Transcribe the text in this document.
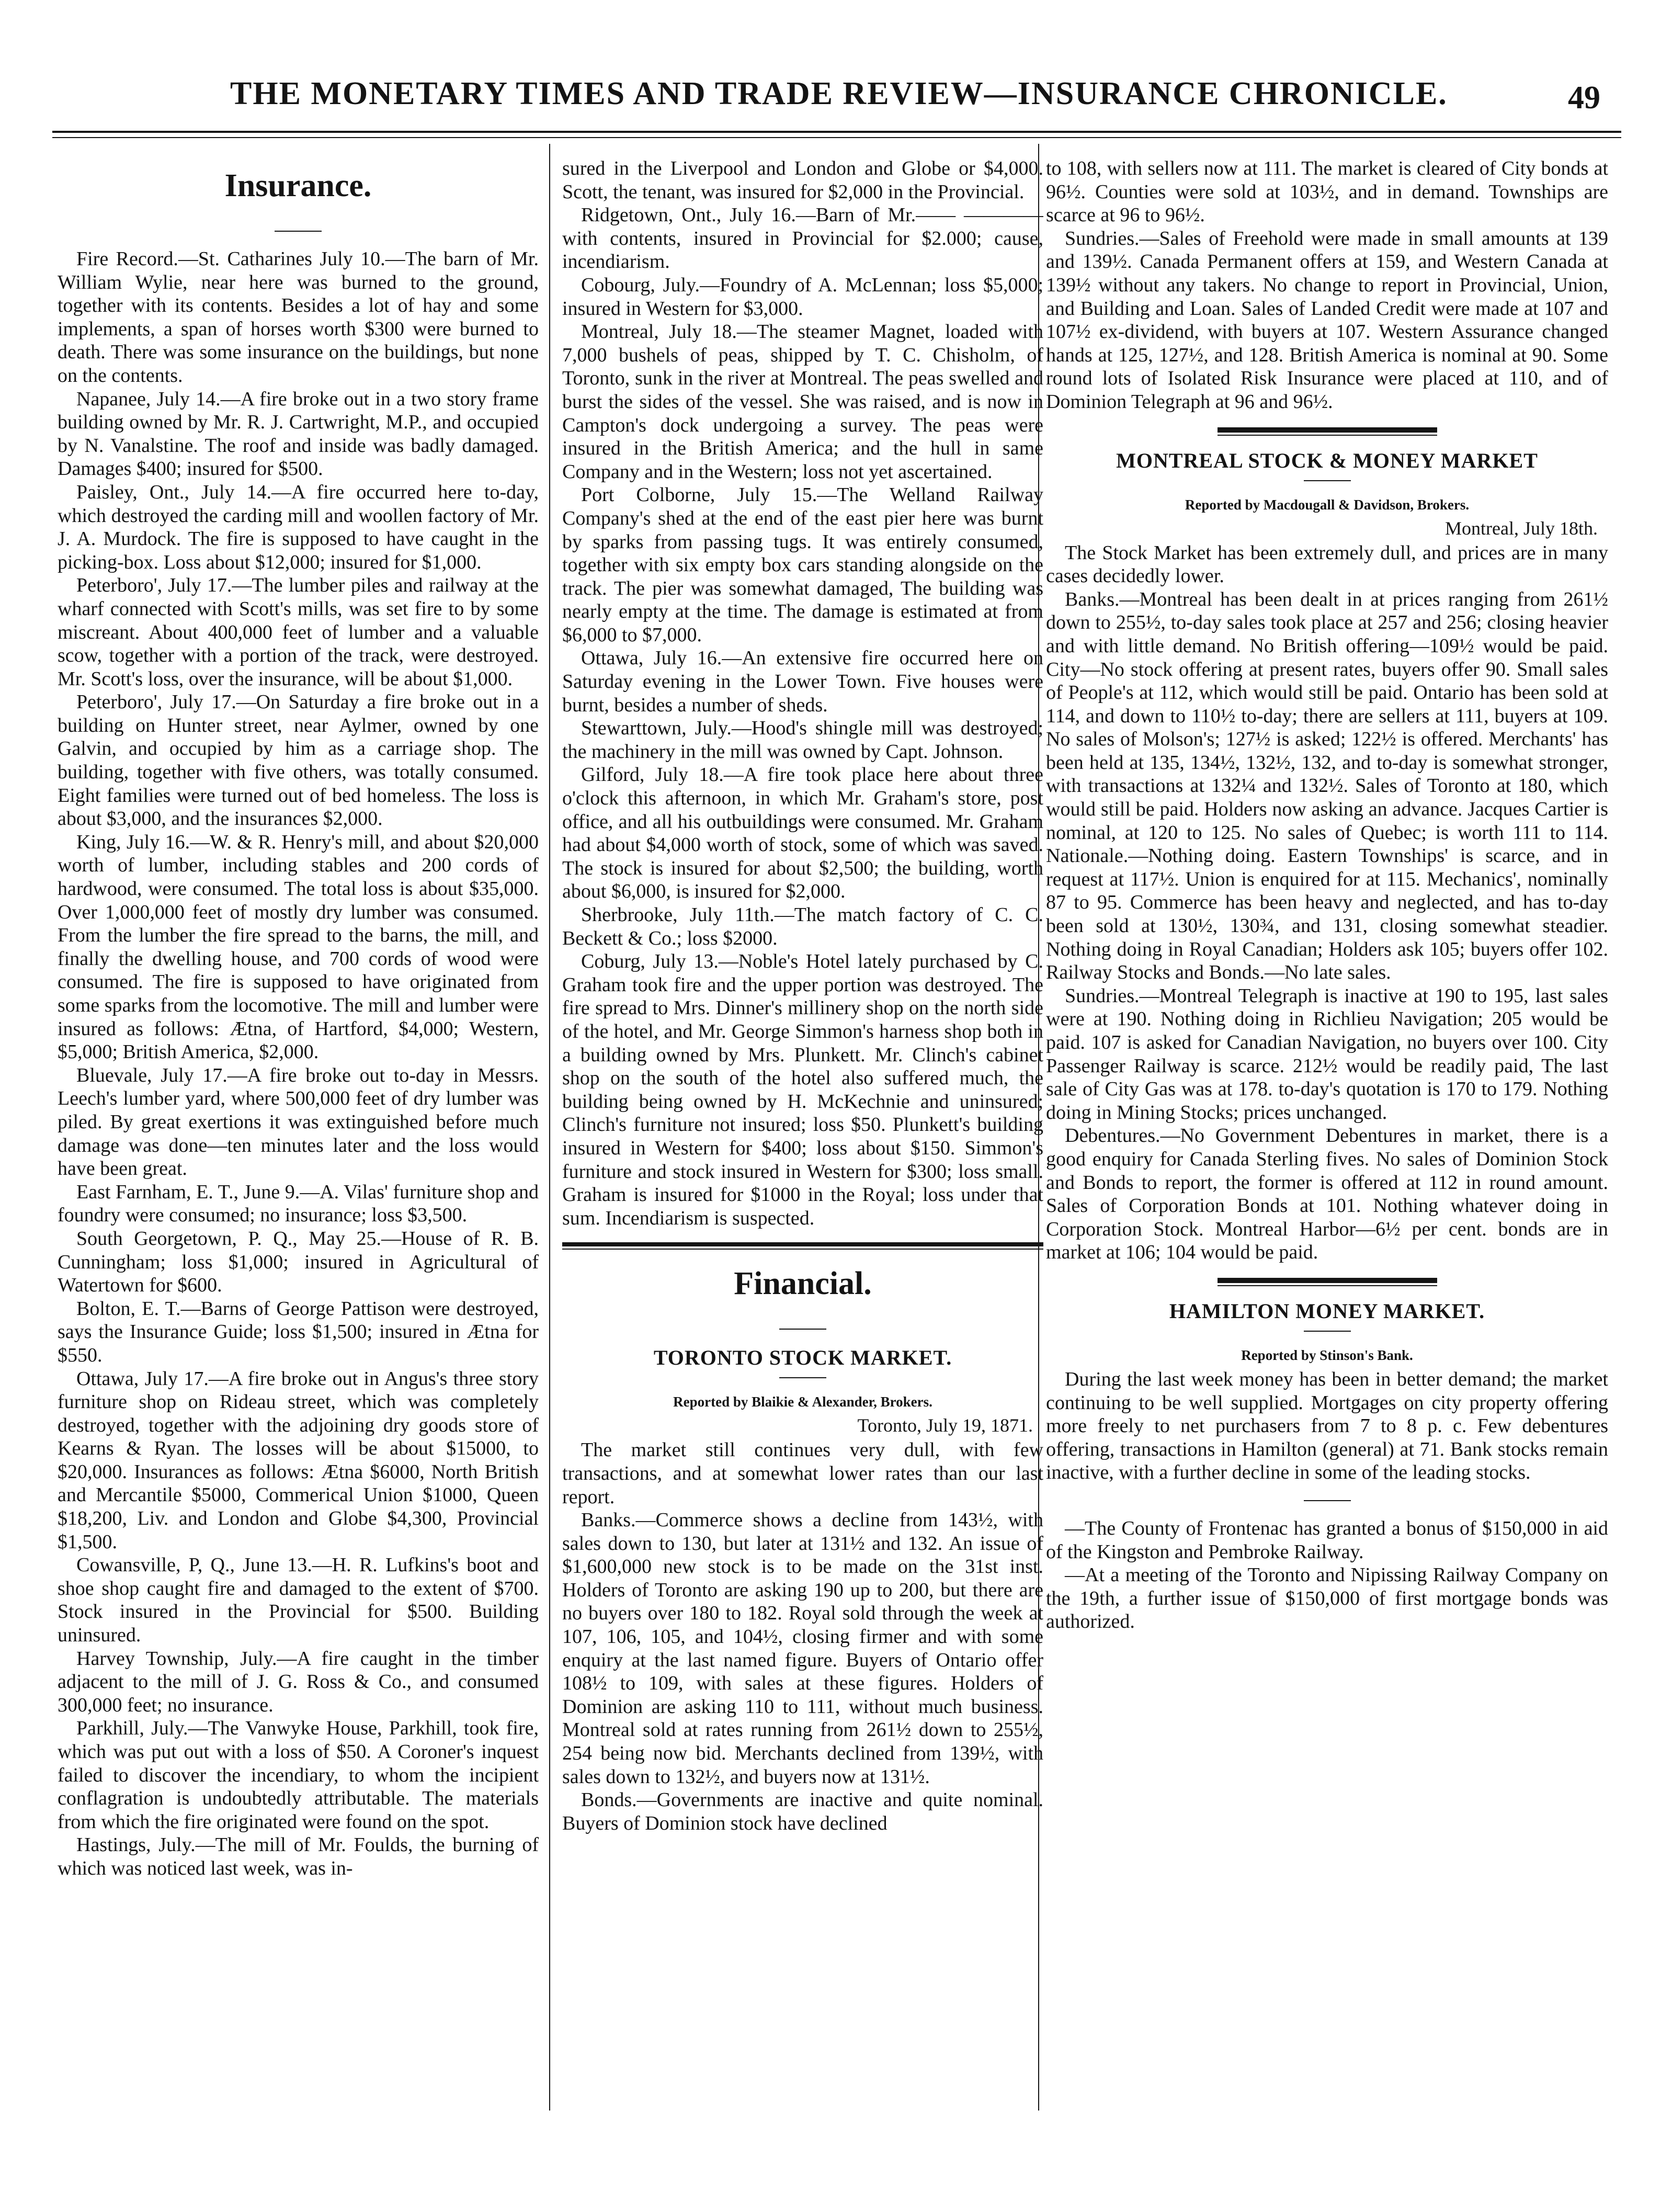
THE MONETARY TIMES AND TRADE REVIEW—INSURANCE CHRONICLE.	49
Insurance.

Fire Record.—St. Catharines July 10.—The barn of Mr. William Wylie, near here was burned to the ground, together with its contents. Besides a lot of hay and some implements, a span of horses worth $300 were burned to death. There was some insurance on the buildings, but none on the contents.

Napanee, July 14.—A fire broke out in a two story frame building owned by Mr. R. J. Cartwright, M.P., and occupied by N. Vanalstine. The roof and inside was badly damaged. Damages $400; insured for $500.

Paisley, Ont., July 14.—A fire occurred here to-day, which destroyed the carding mill and woollen factory of Mr. J. A. Murdock. The fire is supposed to have caught in the picking-box. Loss about $12,000; insured for $1,000.

Peterboro', July 17.—The lumber piles and railway at the wharf connected with Scott's mills, was set fire to by some miscreant. About 400,000 feet of lumber and a valuable scow, together with a portion of the track, were destroyed. Mr. Scott's loss, over the insurance, will be about $1,000.

Peterboro', July 17.—On Saturday a fire broke out in a building on Hunter street, near Aylmer, owned by one Galvin, and occupied by him as a carriage shop. The building, together with five others, was totally consumed. Eight families were turned out of bed homeless. The loss is about $3,000, and the insurances $2,000.

King, July 16.—W. & R. Henry's mill, and about $20,000 worth of lumber, including stables and 200 cords of hardwood, were consumed. The total loss is about $35,000. Over 1,000,000 feet of mostly dry lumber was consumed. From the lumber the fire spread to the barns, the mill, and finally the dwelling house, and 700 cords of wood were consumed. The fire is supposed to have originated from some sparks from the locomotive. The mill and lumber were insured as follows: Ætna, of Hartford, $4,000; Western, $5,000; British America, $2,000.

Bluevale, July 17.—A fire broke out to-day in Messrs. Leech's lumber yard, where 500,000 feet of dry lumber was piled. By great exertions it was extinguished before much damage was done—ten minutes later and the loss would have been great.

East Farnham, E. T., June 9.—A. Vilas' furniture shop and foundry were consumed; no insurance; loss $3,500.

South Georgetown, P. Q., May 25.—House of R. B. Cunningham; loss $1,000; insured in Agricultural of Watertown for $600.

Bolton, E. T.—Barns of George Pattison were destroyed, says the Insurance Guide; loss $1,500; insured in Ætna for $550.

Ottawa, July 17.—A fire broke out in Angus's three story furniture shop on Rideau street, which was completely destroyed, together with the adjoining dry goods store of Kearns & Ryan. The losses will be about $15000, to $20,000. Insurances as follows: Ætna $6000, North British and Mercantile $5000, Commerical Union $1000, Queen $18,200, Liv. and London and Globe $4,300, Provincial $1,500.

Cowansville, P, Q., June 13.—H. R. Lufkins's boot and shoe shop caught fire and damaged to the extent of $700. Stock insured in the Provincial for $500. Building uninsured.

Harvey Township, July.—A fire caught in the timber adjacent to the mill of J. G. Ross & Co., and consumed 300,000 feet; no insurance.

Parkhill, July.—The Vanwyke House, Parkhill, took fire, which was put out with a loss of $50. A Coroner's inquest failed to discover the incendiary, to whom the incipient conflagration is undoubtedly attributable. The materials from which the fire originated were found on the spot.

Hastings, July.—The mill of Mr. Foulds, the burning of which was noticed last week, was in-

sured in the Liverpool and London and Globe or $4,000. Scott, the tenant, was insured for $2,000 in the Provincial.

Ridgetown, Ont., July 16.—Barn of Mr.—— ————with contents, insured in Provincial for $2.000; cause, incendiarism.

Cobourg, July.—Foundry of A. McLennan; loss $5,000; insured in Western for $3,000.

Montreal, July 18.—The steamer Magnet, loaded with 7,000 bushels of peas, shipped by T. C. Chisholm, of Toronto, sunk in the river at Montreal. The peas swelled and burst the sides of the vessel. She was raised, and is now in Campton's dock undergoing a survey. The peas were insured in the British America; and the hull in same Company and in the Western; loss not yet ascertained.

Port Colborne, July 15.—The Welland Railway Company's shed at the end of the east pier here was burnt by sparks from passing tugs. It was entirely consumed, together with six empty box cars standing alongside on the track. The pier was somewhat damaged, The building was nearly empty at the time. The damage is estimated at from $6,000 to $7,000.

Ottawa, July 16.—An extensive fire occurred here on Saturday evening in the Lower Town. Five houses were burnt, besides a number of sheds.

Stewarttown, July.—Hood's shingle mill was destroyed; the machinery in the mill was owned by Capt. Johnson.

Gilford, July 18.—A fire took place here about three o'clock this afternoon, in which Mr. Graham's store, post office, and all his outbuildings were consumed. Mr. Graham had about $4,000 worth of stock, some of which was saved. The stock is insured for about $2,500; the building, worth about $6,000, is insured for $2,000.

Sherbrooke, July 11th.—The match factory of C. C. Beckett & Co.; loss $2000.

Coburg, July 13.—Noble's Hotel lately purchased by C. Graham took fire and the upper portion was destroyed. The fire spread to Mrs. Dinner's millinery shop on the north side of the hotel, and Mr. George Simmon's harness shop both in a building owned by Mrs. Plunkett. Mr. Clinch's cabinet shop on the south of the hotel also suffered much, the building being owned by H. McKechnie and uninsured; Clinch's furniture not insured; loss $50. Plunkett's building insured in Western for $400; loss about $150. Simmon's furniture and stock insured in Western for $300; loss small. Graham is insured for $1000 in the Royal; loss under that sum. Incendiarism is suspected.

Financial.
TORONTO STOCK MARKET.
Reported by Blaikie & Alexander, Brokers.
Toronto, July 19, 1871.

The market still continues very dull, with few transactions, and at somewhat lower rates than our last report.

Banks.—Commerce shows a decline from 143½, with sales down to 130, but later at 131½ and 132. An issue of $1,600,000 new stock is to be made on the 31st inst. Holders of Toronto are asking 190 up to 200, but there are no buyers over 180 to 182. Royal sold through the week at 107, 106, 105, and 104½, closing firmer and with some enquiry at the last named figure. Buyers of Ontario offer 108½ to 109, with sales at these figures. Holders of Dominion are asking 110 to 111, without much business. Montreal sold at rates running from 261½ down to 255½, 254 being now bid. Merchants declined from 139½, with sales down to 132½, and buyers now at 131½.

Bonds.—Governments are inactive and quite nominal. Buyers of Dominion stock have declined

to 108, with sellers now at 111. The market is cleared of City bonds at 96½. Counties were sold at 103½, and in demand. Townships are scarce at 96 to 96½.

Sundries.—Sales of Freehold were made in small amounts at 139 and 139½. Canada Permanent offers at 159, and Western Canada at 139½ without any takers. No change to report in Provincial, Union, and Building and Loan. Sales of Landed Credit were made at 107 and 107½ ex-dividend, with buyers at 107. Western Assurance changed hands at 125, 127½, and 128. British America is nominal at 90. Some round lots of Isolated Risk Insurance were placed at 110, and of Dominion Telegraph at 96 and 96½.

MONTREAL STOCK & MONEY MARKET
Reported by Macdougall & Davidson, Brokers.
Montreal, July 18th.

The Stock Market has been extremely dull, and prices are in many cases decidedly lower.

Banks.—Montreal has been dealt in at prices ranging from 261½ down to 255½, to-day sales took place at 257 and 256; closing heavier and with little demand. No British offering—109½ would be paid. City—No stock offering at present rates, buyers offer 90. Small sales of People's at 112, which would still be paid. Ontario has been sold at 114, and down to 110½ to-day; there are sellers at 111, buyers at 109. No sales of Molson's; 127½ is asked; 122½ is offered. Merchants' has been held at 135, 134½, 132½, 132, and to-day is somewhat stronger, with transactions at 132¼ and 132½. Sales of Toronto at 180, which would still be paid. Holders now asking an advance. Jacques Cartier is nominal, at 120 to 125. No sales of Quebec; is worth 111 to 114. Nationale.—Nothing doing. Eastern Townships' is scarce, and in request at 117½. Union is enquired for at 115. Mechanics', nominally 87 to 95. Commerce has been heavy and neglected, and has to-day been sold at 130½, 130¾, and 131, closing somewhat steadier. Nothing doing in Royal Canadian; Holders ask 105; buyers offer 102. Railway Stocks and Bonds.—No late sales.

Sundries.—Montreal Telegraph is inactive at 190 to 195, last sales were at 190. Nothing doing in Richlieu Navigation; 205 would be paid. 107 is asked for Canadian Navigation, no buyers over 100. City Passenger Railway is scarce. 212½ would be readily paid, The last sale of City Gas was at 178. to-day's quotation is 170 to 179. Nothing doing in Mining Stocks; prices unchanged.

Debentures.—No Government Debentures in market, there is a good enquiry for Canada Sterling fives. No sales of Dominion Stock and Bonds to report, the former is offered at 112 in round amount. Sales of Corporation Bonds at 101. Nothing whatever doing in Corporation Stock. Montreal Harbor—6½ per cent. bonds are in market at 106; 104 would be paid.

HAMILTON MONEY MARKET.
Reported by Stinson's Bank.

During the last week money has been in better demand; the market continuing to be well supplied. Mortgages on city property offering more freely to net purchasers from 7 to 8 p. c. Few debentures offering, transactions in Hamilton (general) at 71. Bank stocks remain inactive, with a further decline in some of the leading stocks.

—The County of Frontenac has granted a bonus of $150,000 in aid of the Kingston and Pembroke Railway.

—At a meeting of the Toronto and Nipissing Railway Company on the 19th, a further issue of $150,000 of first mortgage bonds was authorized.
